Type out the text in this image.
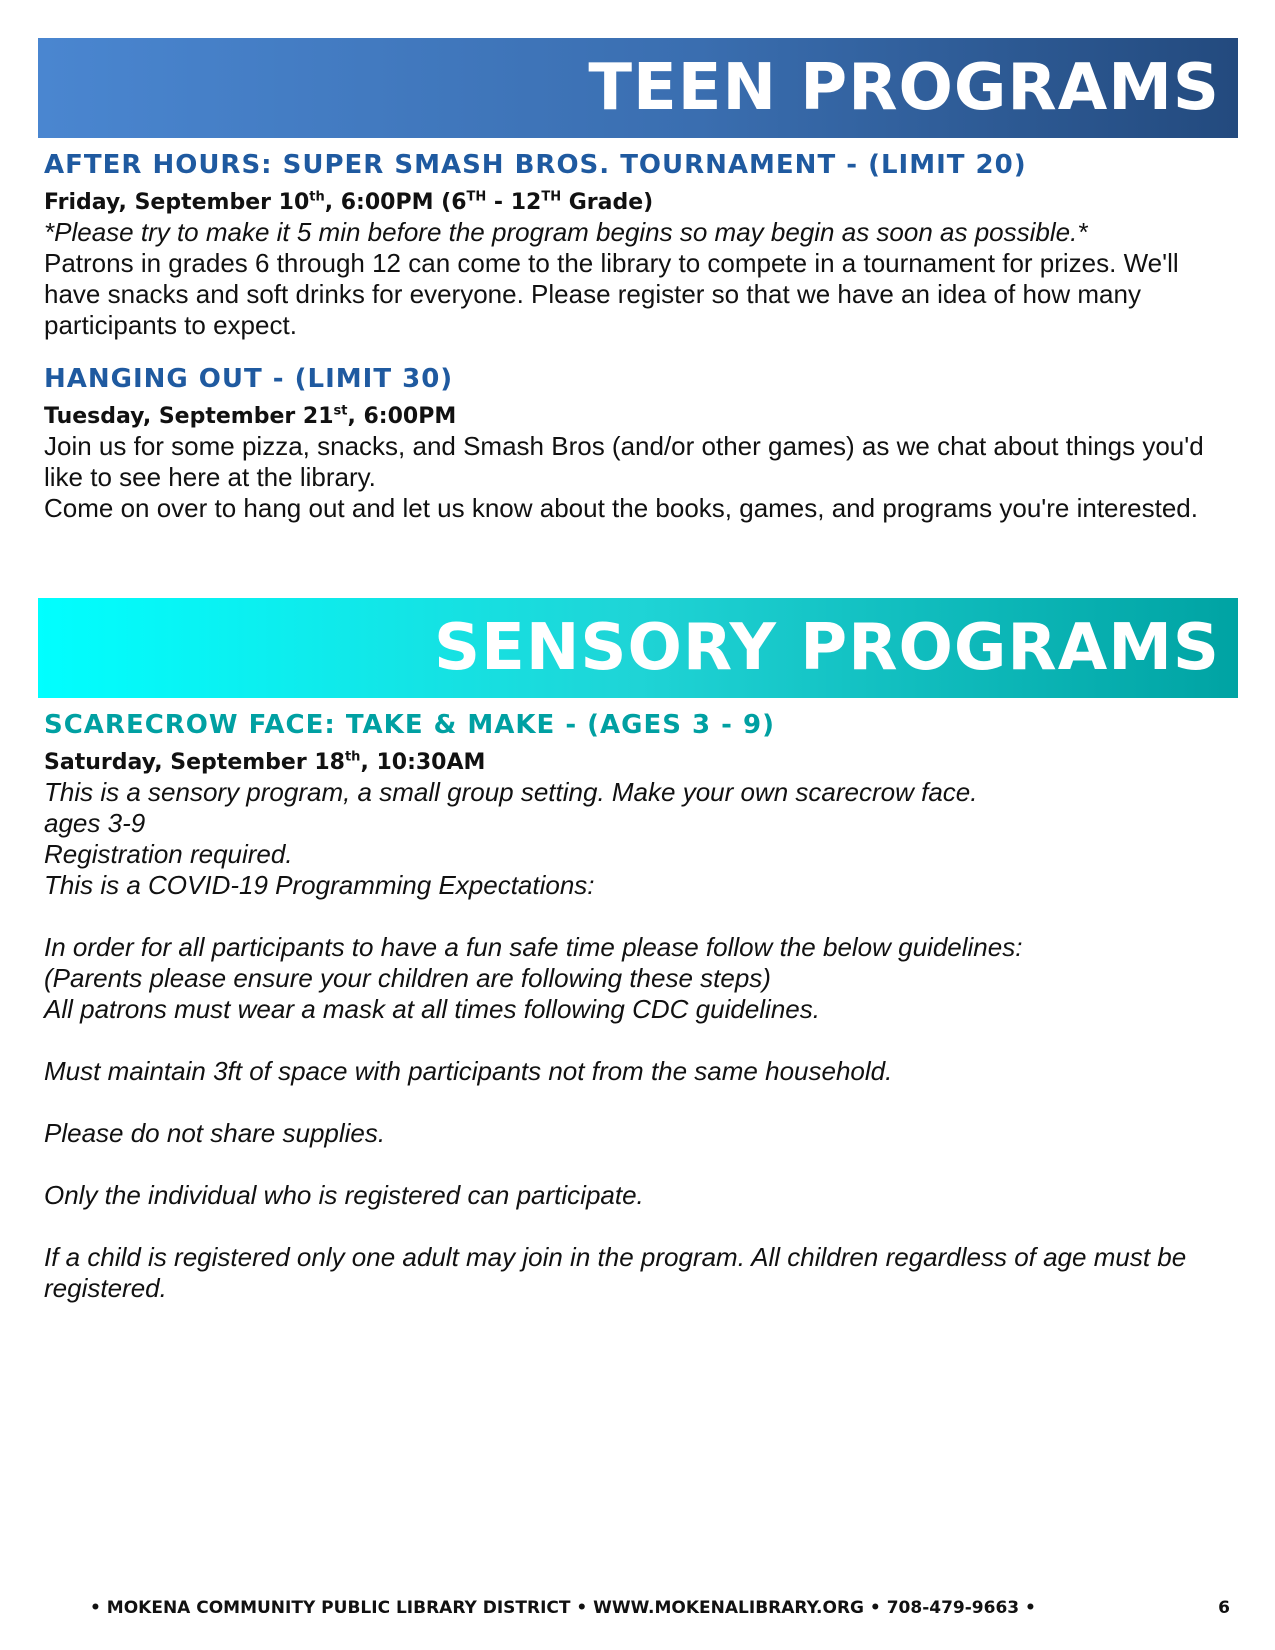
TEEN PROGRAMS
AFTER HOURS: SUPER SMASH BROS. TOURNAMENT - (LIMIT 20)
Friday, September 10th, 6:00PM (6TH - 12TH Grade)

*Please try to make it 5 min before the program begins so may begin as soon as possible.*

Patrons in grades 6 through 12 can come to the library to compete in a tournament for prizes. We'll have snacks and soft drinks for everyone. Please register so that we have an idea of how many participants to expect.

HANGING OUT - (LIMIT 30)
Tuesday, September 21st, 6:00PM

Join us for some pizza, snacks, and Smash Bros (and/or other games) as we chat about things you'd like to see here at the library.

Come on over to hang out and let us know about the books, games, and programs you're interested.

SENSORY PROGRAMS
SCARECROW FACE: TAKE & MAKE - (AGES 3 - 9)
Saturday, September 18th, 10:30AM

This is a sensory program, a small group setting. Make your own scarecrow face.

ages 3-9

Registration required.

This is a COVID-19 Programming Expectations:

In order for all participants to have a fun safe time please follow the below guidelines:

(Parents please ensure your children are following these steps)

All patrons must wear a mask at all times following CDC guidelines.

Must maintain 3ft of space with participants not from the same household.

Please do not share supplies.

Only the individual who is registered can participate.

If a child is registered only one adult may join in the program. All children regardless of age must be registered.

• MOKENA COMMUNITY PUBLIC LIBRARY DISTRICT • WWW.MOKENALIBRARY.ORG • 708-479-9663 •	6
